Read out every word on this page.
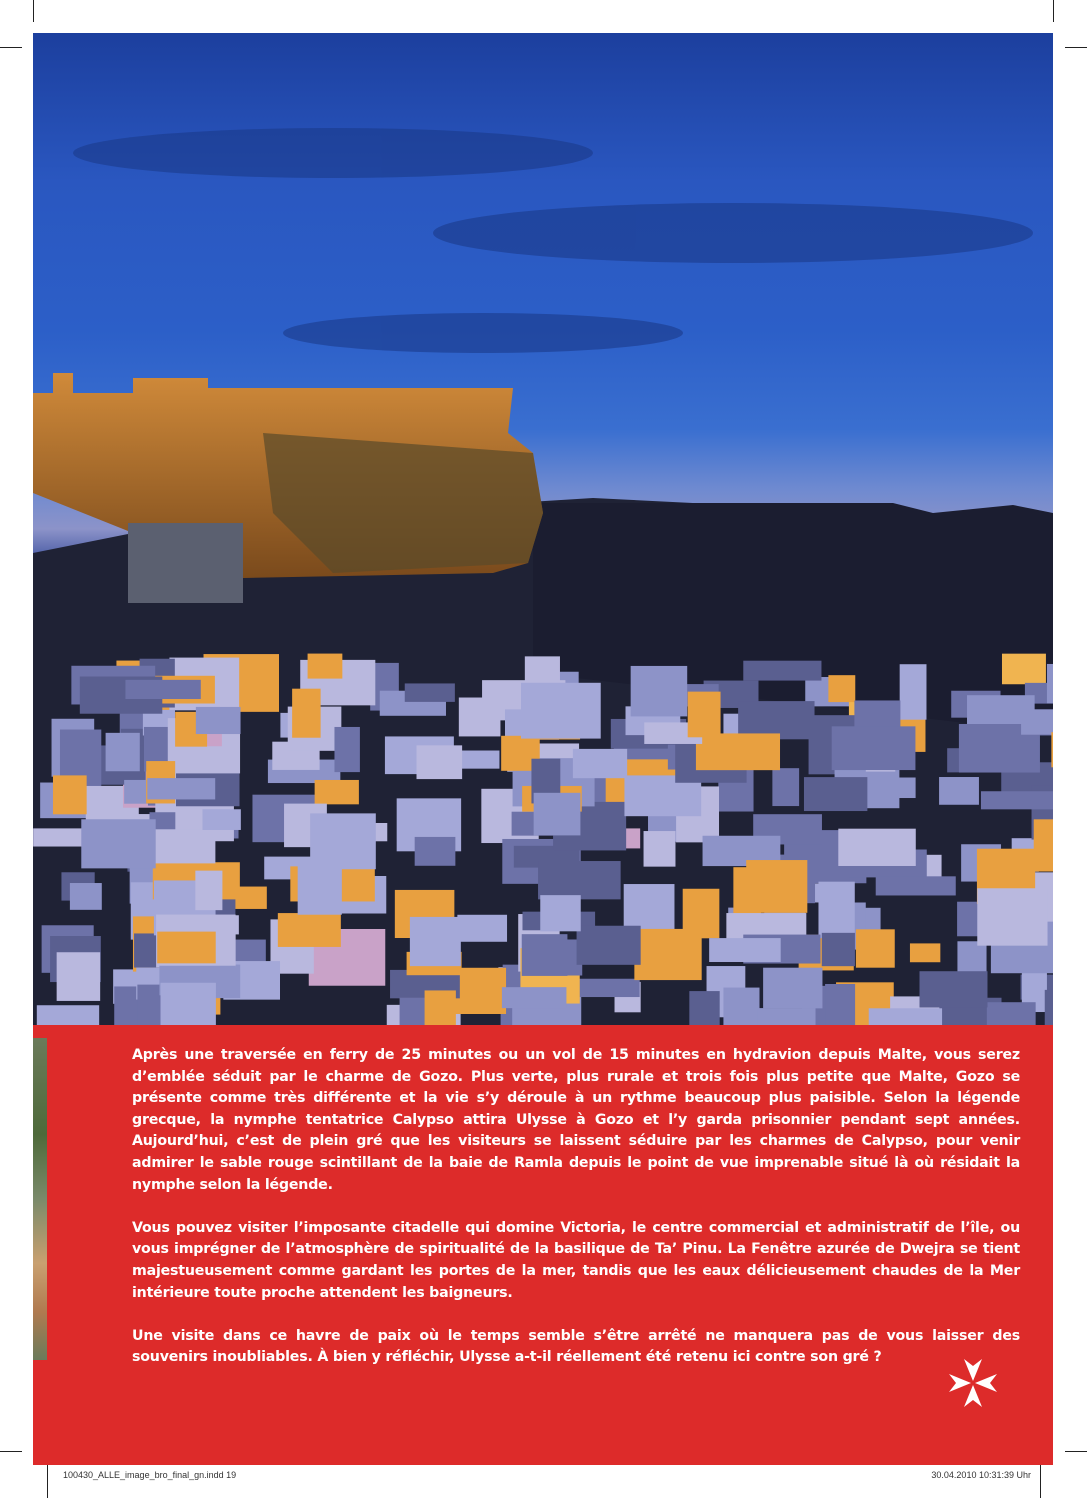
Après une traversée en ferry de 25 minutes ou un vol de 15 minutes en hydravion depuis Malte, vous serez d’emblée séduit par le charme de Gozo. Plus verte, plus rurale et trois fois plus petite que Malte, Gozo se présente comme très différente et la vie s’y déroule à un rythme beaucoup plus paisible. Selon la légende grecque, la nymphe tentatrice Calypso attira Ulysse à Gozo et l’y garda prisonnier pendant sept années. Aujourd’hui, c’est de plein gré que les visiteurs se laissent séduire par les charmes de Calypso, pour venir admirer le sable rouge scintillant de la baie de Ramla depuis le point de vue imprenable situé là où résidait la nymphe selon la légende.

Vous pouvez visiter l’imposante citadelle qui domine Victoria, le centre commercial et administratif de l’île, ou vous imprégner de l’atmosphère de spiritualité de la basilique de Ta’ Pinu. La Fenêtre azurée de Dwejra se tient majestueusement comme gardant les portes de la mer, tandis que les eaux délicieusement chaudes de la Mer intérieure toute proche attendent les baigneurs.

Une visite dans ce havre de paix où le temps semble s’être arrêté ne manquera pas de vous laisser des souvenirs inoubliables. À bien y réfléchir, Ulysse a-t-il réellement été retenu ici contre son gré ?

100430_ALLE_image_bro_final_gn.indd 19	30.04.2010 10:31:39 Uhr
